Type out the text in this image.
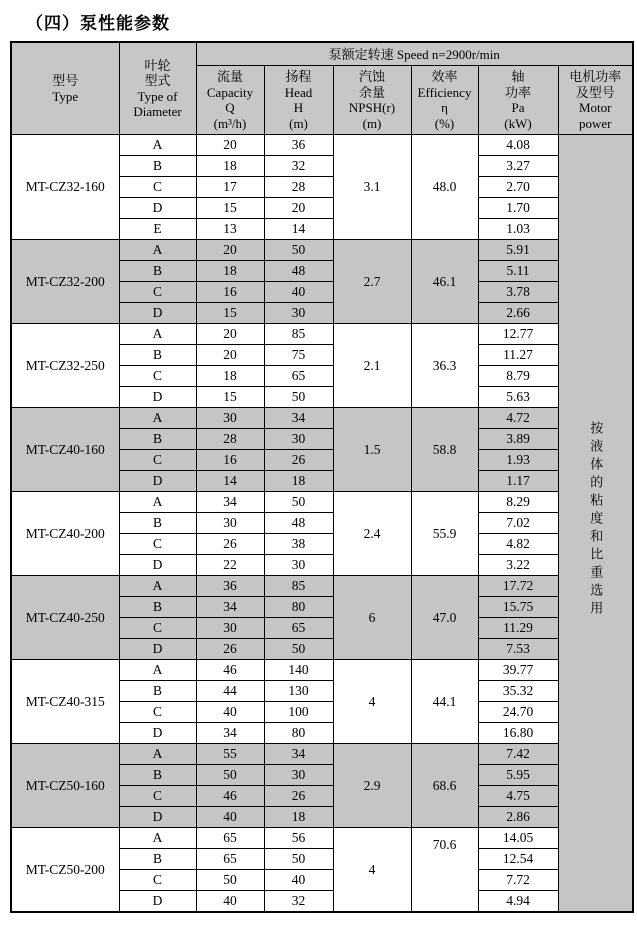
（四）泵性能参数
型号
Type

叶轮
型式
Type of
Diameter
	泵额定转速 Speed n=2900r/min

流量
Capacity
Q
(m³/h)

扬程
Head
H
(m)

汽蚀
余量
NPSH(r)
(m)

效率
Efficiency
η
(%)

轴
功率
Pa
(kW)

电机功率
及型号
Motor
power

MT-CZ32-160	A	20	36	3.1	48.0	4.08	按液体的粘度和比重选用
	B	18	32			3.27	
	C	17	28			2.70	
	D	15	20			1.70	
	E	13	14			1.03	
MT-CZ32-200	A	20	50	2.7	46.1	5.91	
	B	18	48			5.11	
	C	16	40			3.78	
	D	15	30			2.66	
MT-CZ32-250	A	20	85	2.1	36.3	12.77	
	B	20	75			11.27	
	C	18	65			8.79	
	D	15	50			5.63	
MT-CZ40-160	A	30	34	1.5	58.8	4.72	
	B	28	30			3.89	
	C	16	26			1.93	
	D	14	18			1.17	
MT-CZ40-200	A	34	50	2.4	55.9	8.29	
	B	30	48			7.02	
	C	26	38			4.82	
	D	22	30			3.22	
MT-CZ40-250	A	36	85	6	47.0	17.72	
	B	34	80			15.75	
	C	30	65			11.29	
	D	26	50			7.53	
MT-CZ40-315	A	46	140	4	44.1	39.77	
	B	44	130			35.32	
	C	40	100			24.70	
	D	34	80			16.80	
MT-CZ50-160	A	55	34	2.9	68.6	7.42	
	B	50	30			5.95	
	C	46	26			4.75	
	D	40	18			2.86	
MT-CZ50-200	A	65	56	4	70.6	14.05	
	B	65	50			12.54	
	C	50	40			7.72	
	D	40	32			4.94	
